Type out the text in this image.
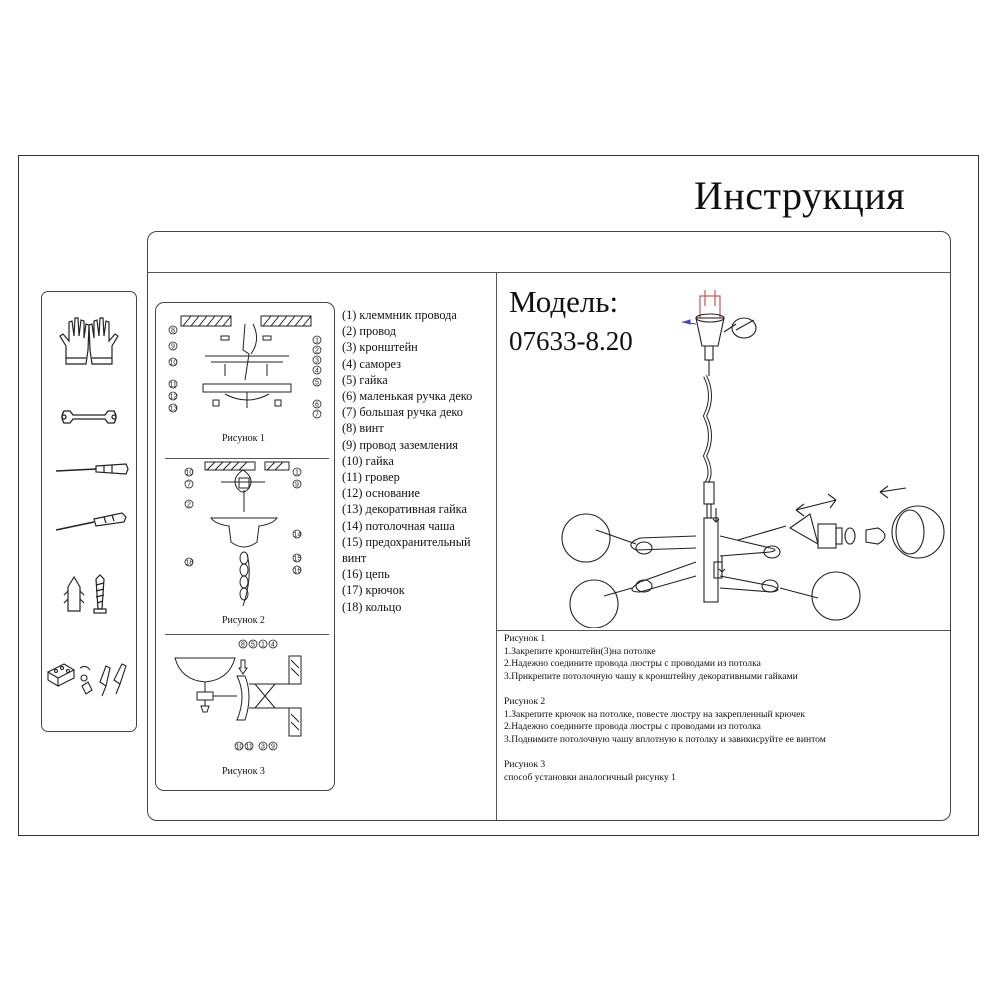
Инструкция
8
9
10
11
12
13
1
2
3
4
5
6
7
Рисунок 1
10
7
2
18
1
9
14
15
16
Рисунок 2
8 5 1 4
10 11 3 9
Рисунок 3
(1) клеммник провода
(2) провод
(3) кронштейн
(4) саморез
(5) гайка
(6) маленькая ручка деко
(7) большая ручка деко
(8) винт
(9) провод заземления
(10) гайка
(11) гровер
(12) основание
(13) декоративная гайка
(14) потолочная чаша
(15) предохранительный
винт
(16) цепь
(17) крючок
(18) кольцо
Модель:
07633-8.20

Рисунок 1

1.Закрепите кронштейн(3)на потолке

2.Надежно соедините провода люстры с проводами из потолка

3.Прикрепите потолочную чашу к кронштейну декоративными гайками

Рисунок 2

1.Закрепите крючок на потолке, повесте люстру на закрепленный крючек

2.Надежно соедините провода люстры с проводами из потолка

3.Поднимите потолочную чашу вплотную к потолку и завикисруйте ее винтом

Рисунок 3

способ установки аналогичный рисунку 1
